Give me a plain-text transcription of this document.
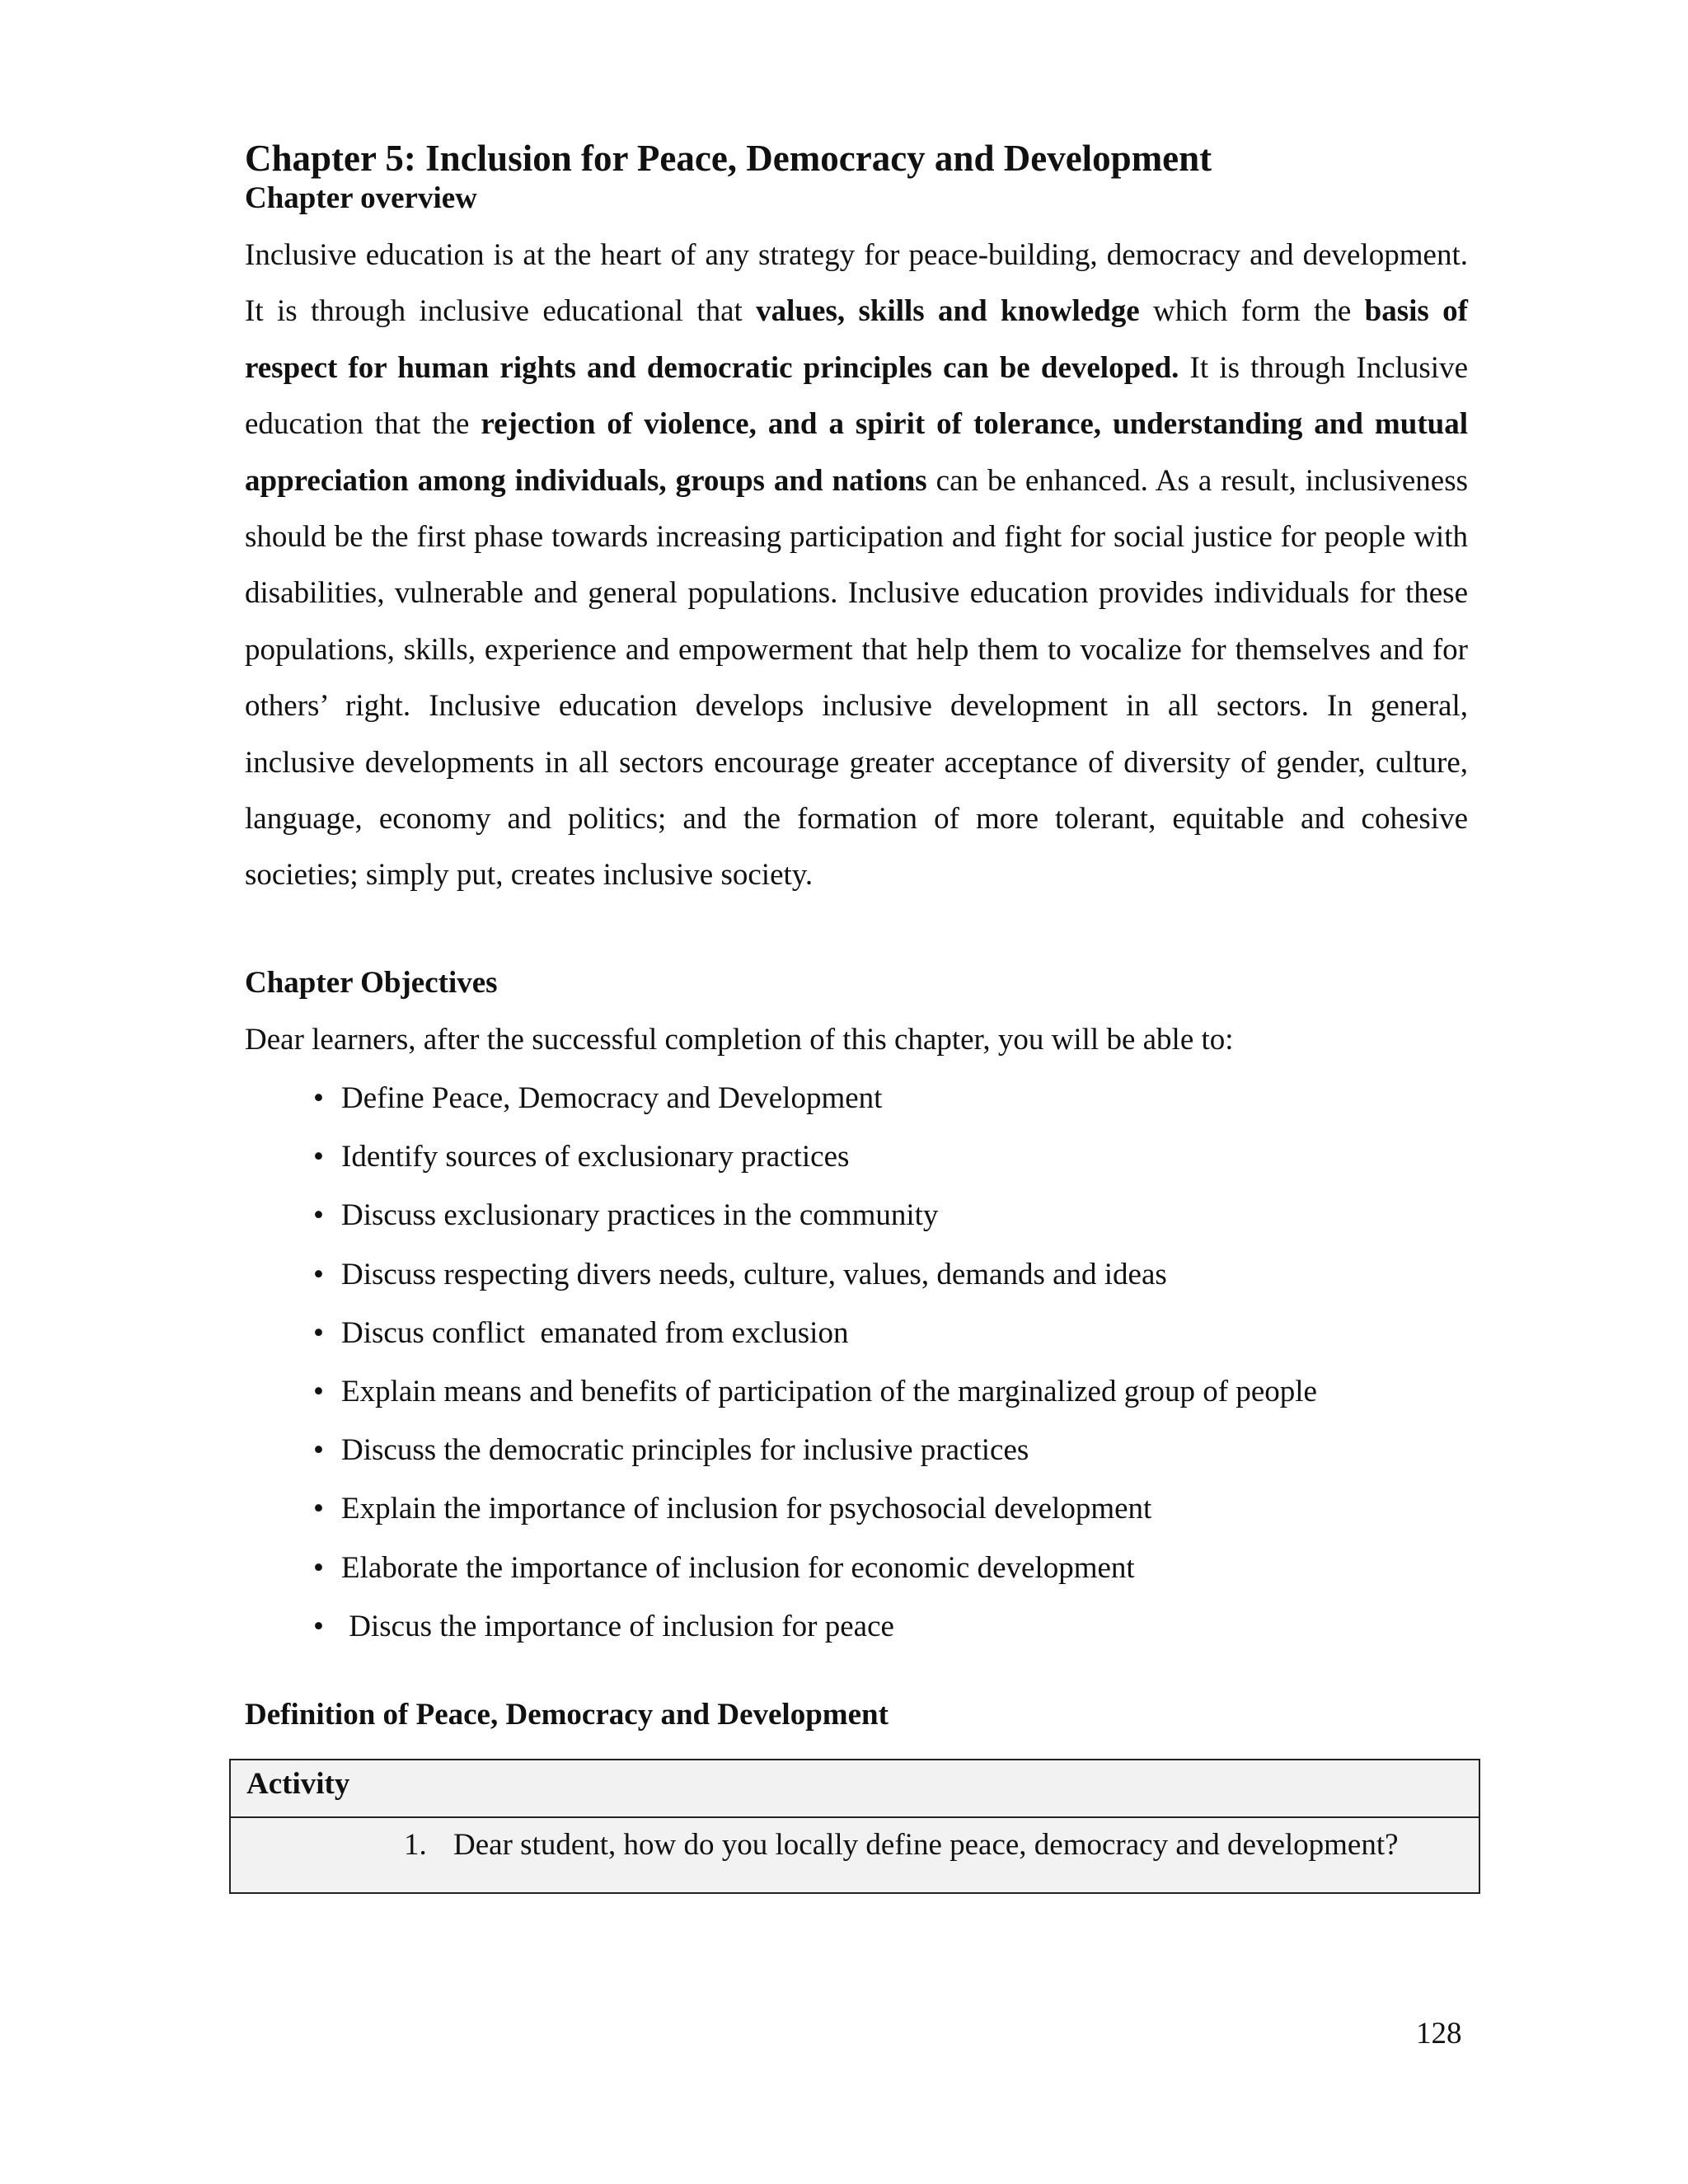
Chapter 5: Inclusion for Peace, Democracy and Development
Chapter overview

Inclusive education is at the heart of any strategy for peace-building, democracy and development. It is through inclusive educational that values, skills and knowledge which form the basis of respect for human rights and democratic principles can be developed. It is through Inclusive education that the rejection of violence, and a spirit of tolerance, understanding and mutual appreciation among individuals, groups and nations can be enhanced. As a result, inclusiveness should be the first phase towards increasing participation and fight for social justice for people with disabilities, vulnerable and general populations. Inclusive education provides individuals for these populations, skills, experience and empowerment that help them to vocalize for themselves and for others’ right. Inclusive education develops inclusive development in all sectors. In general, inclusive developments in all sectors encourage greater acceptance of diversity of gender, culture, language, economy and politics; and the formation of more tolerant, equitable and cohesive societies; simply put, creates inclusive society.

Chapter Objectives

Dear learners, after the successful completion of this chapter, you will be able to:

• Define Peace, Democracy and Development
• Identify sources of exclusionary practices
• Discuss exclusionary practices in the community
• Discuss respecting divers needs, culture, values, demands and ideas
• Discus conflict  emanated from exclusion
• Explain means and benefits of participation of the marginalized group of people
• Discuss the democratic principles for inclusive practices
• Explain the importance of inclusion for psychosocial development
• Elaborate the importance of inclusion for economic development
• Discus the importance of inclusion for peace
Definition of Peace, Democracy and Development
Activity
1. Dear student, how do you locally define peace, democracy and development?

128
